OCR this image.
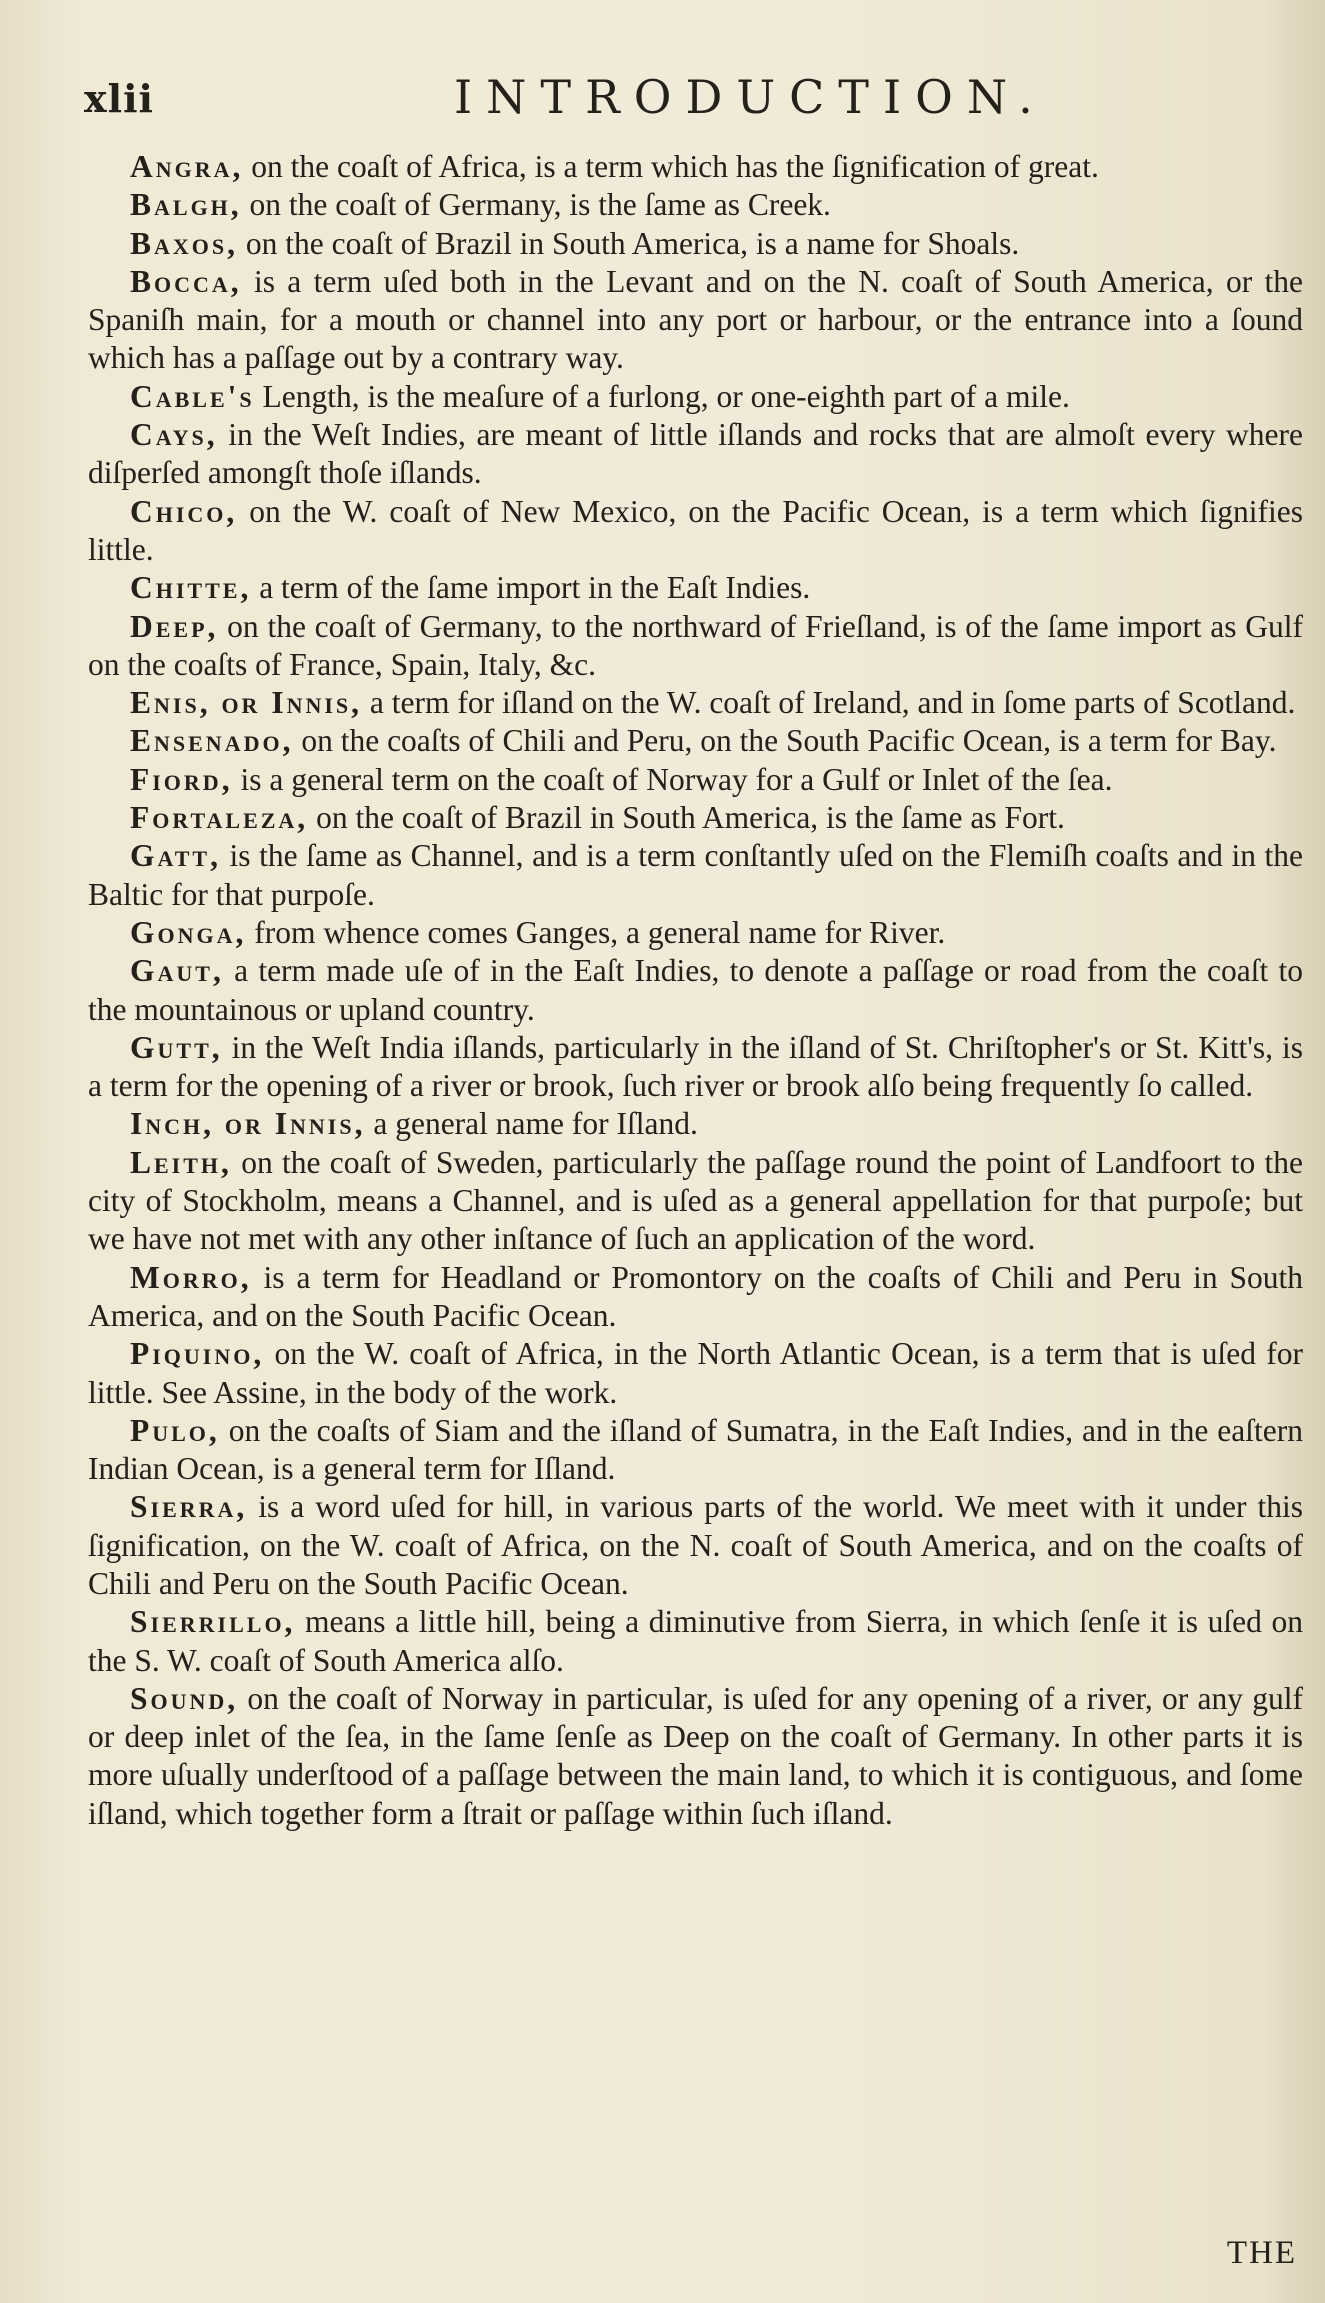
xlii	INTRODUCTION.

Angra, on the coaſt of Africa, is a term which has the ſignification of great.

Balgh, on the coaſt of Germany, is the ſame as Creek.

Baxos, on the coaſt of Brazil in South America, is a name for Shoals.

Bocca, is a term uſed both in the Levant and on the N. coaſt of South America, or the Spaniſh main, for a mouth or channel into any port or harbour, or the entrance into a ſound which has a paſſage out by a contrary way.

Cable's Length, is the meaſure of a furlong, or one-eighth part of a mile.

Cays, in the Weſt Indies, are meant of little iſlands and rocks that are almoſt every where diſperſed amongſt thoſe iſlands.

Chico, on the W. coaſt of New Mexico, on the Pacific Ocean, is a term which ſignifies little.

Chitte, a term of the ſame import in the Eaſt Indies.

Deep, on the coaſt of Germany, to the northward of Frieſland, is of the ſame import as Gulf on the coaſts of France, Spain, Italy, &c.

Enis, or Innis, a term for iſland on the W. coaſt of Ireland, and in ſome parts of Scotland.

Ensenado, on the coaſts of Chili and Peru, on the South Pacific Ocean, is a term for Bay.

Fiord, is a general term on the coaſt of Norway for a Gulf or Inlet of the ſea.

Fortaleza, on the coaſt of Brazil in South America, is the ſame as Fort.

Gatt, is the ſame as Channel, and is a term conſtantly uſed on the Flemiſh coaſts and in the Baltic for that purpoſe.

Gonga, from whence comes Ganges, a general name for River.

Gaut, a term made uſe of in the Eaſt Indies, to denote a paſſage or road from the coaſt to the mountainous or upland country.

Gutt, in the Weſt India iſlands, particularly in the iſland of St. Chriſtopher's or St. Kitt's, is a term for the opening of a river or brook, ſuch river or brook alſo being frequently ſo called.

Inch, or Innis, a general name for Iſland.

Leith, on the coaſt of Sweden, particularly the paſſage round the point of Landfoort to the city of Stockholm, means a Channel, and is uſed as a general appellation for that purpoſe; but we have not met with any other inſtance of ſuch an application of the word.

Morro, is a term for Headland or Promontory on the coaſts of Chili and Peru in South America, and on the South Pacific Ocean.

Piquino, on the W. coaſt of Africa, in the North Atlantic Ocean, is a term that is uſed for little. See Assine, in the body of the work.

Pulo, on the coaſts of Siam and the iſland of Sumatra, in the Eaſt Indies, and in the eaſtern Indian Ocean, is a general term for Iſland.

Sierra, is a word uſed for hill, in various parts of the world. We meet with it under this ſignification, on the W. coaſt of Africa, on the N. coaſt of South America, and on the coaſts of Chili and Peru on the South Pacific Ocean.

Sierrillo, means a little hill, being a diminutive from Sierra, in which ſenſe it is uſed on the S. W. coaſt of South America alſo.

Sound, on the coaſt of Norway in particular, is uſed for any opening of a river, or any gulf or deep inlet of the ſea, in the ſame ſenſe as Deep on the coaſt of Germany. In other parts it is more uſually underſtood of a paſſage between the main land, to which it is contiguous, and ſome iſland, which together form a ſtrait or paſſage within ſuch iſland.

THE
